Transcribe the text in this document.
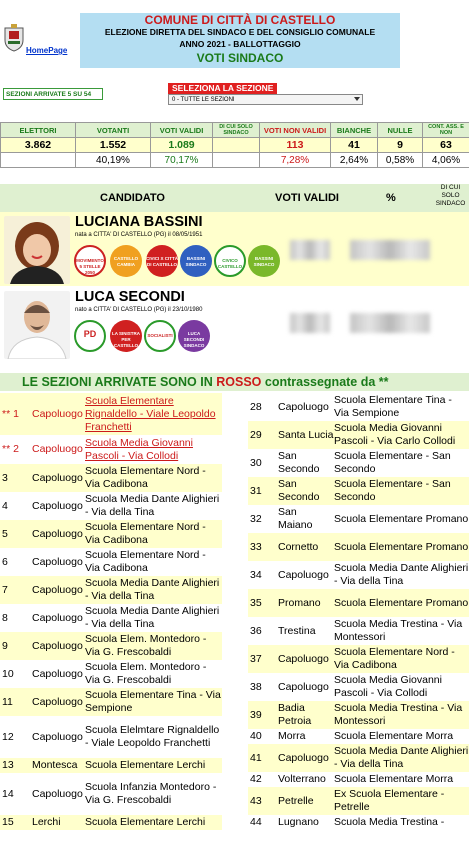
HomePage
COMUNE DI CITTÀ DI CASTELLO
ELEZIONE DIRETTA DEL SINDACO E DEL CONSIGLIO COMUNALE
ANNO 2021 - BALLOTTAGGIO
VOTI SINDACO
SEZIONI ARRIVATE 5 SU 54
SELEZIONA LA SEZIONE
0 - TUTTE LE SEZIONI
ELETTORI	VOTANTI	VOTI VALIDI	DI CUI SOLO SINDACO	VOTI NON VALIDI	BIANCHE	NULLE	CONT. ASS. E NON
3.862	1.552	1.089		113	41	9	63
	40,19%	70,17%		7,28%	2,64%	0,58%	4,06%
CANDIDATO	VOTI VALIDI	%
DI CUI SOLO SINDACO
LUCIANA BASSINI
nata a CITTA' DI CASTELLO (PG) il 08/05/1951
MOVIMENTO 5 STELLE 2050
CASTELLO CAMBIA
CIVICI X CITTÀ DI CASTELLO
BASSINI SINDACO
CIVICO CASTELLO
BASSINI SINDACO
LUCA SECONDI
nato a CITTA' DI CASTELLO (PG) il 23/10/1980
PD	LA SINISTRA PER CASTELLO
SOCIALISTI	LUCA SECONDI SINDACO
LE SEZIONI ARRIVATE SONO IN ROSSO contrassegnate da **
** 1	Capoluogo	Scuola Elementare Rignaldello - Viale Leopoldo Franchetti
** 2	Capoluogo	Scuola Media Giovanni Pascoli - Via Collodi
3	Capoluogo	Scuola Elementare Nord - Via Cadibona
4	Capoluogo	Scuola Media Dante Alighieri - Via della Tina
5	Capoluogo	Scuola Elementare Nord - Via Cadibona
6	Capoluogo	Scuola Elementare Nord - Via Cadibona
7	Capoluogo	Scuola Media Dante Alighieri - Via della Tina
8	Capoluogo	Scuola Media Dante Alighieri - Via della Tina
9	Capoluogo	Scuola Elem. Montedoro - Via G. Frescobaldi
10	Capoluogo	Scuola Elem. Montedoro - Via G. Frescobaldi
11	Capoluogo	Scuola Elementare Tina - Via Sempione
12	Capoluogo	Scuola Elelmtare Rignaldello - Viale Leopoldo Franchetti
13	Montesca	Scuola Elementare Lerchi
14	Capoluogo	Scuola Infanzia Montedoro - Via G. Frescobaldi
15	Lerchi	Scuola Elementare Lerchi
28	Capoluogo	Scuola Elementare Tina - Via Sempione
29	Santa Lucia	Scuola Media Giovanni Pascoli - Via Carlo Collodi
30	San Secondo	Scuola Elementare - San Secondo
31	San Secondo	Scuola Elementare - San Secondo
32	San Maiano	Scuola Elementare Promano
33	Cornetto	Scuola Elementare Promano
34	Capoluogo	Scuola Media Dante Alighieri - Via della Tina
35	Promano	Scuola Elementare Promano
36	Trestina	Scuola Media Trestina - Via Montessori
37	Capoluogo	Scuola Elementare Nord - Via Cadibona
38	Capoluogo	Scuola Media Giovanni Pascoli - Via Collodi
39	Badia Petroia	Scuola Media Trestina - Via Montessori
40	Morra	Scuola Elementare Morra
41	Capoluogo	Scuola Media Dante Alighieri - Via della Tina
42	Volterrano	Scuola Elementare Morra
43	Petrelle	Ex Scuola Elementare - Petrelle
44	Lugnano	Scuola Media Trestina -
